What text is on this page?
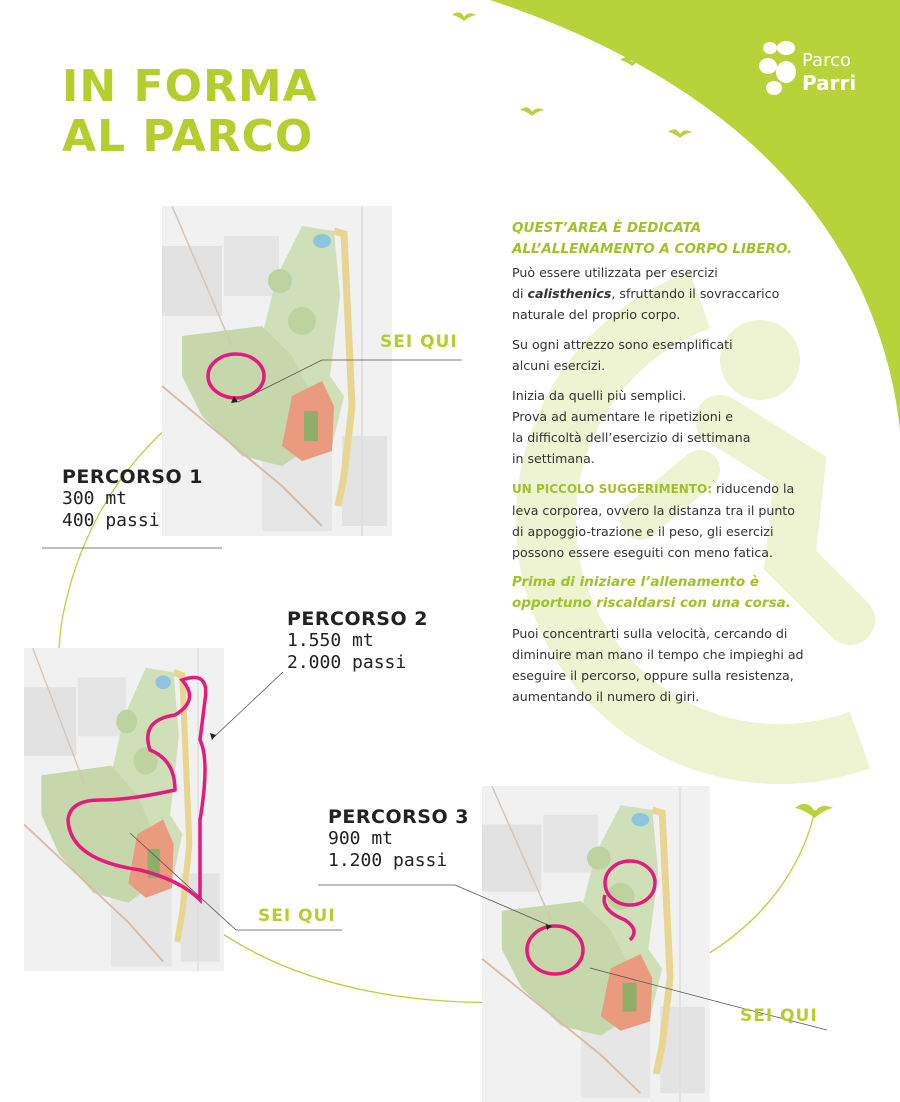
IN FORMA
AL PARCO
Parco
Parri
PERCORSO 1
300 mt
400 passi
PERCORSO 2
1.550 mt
2.000 passi
PERCORSO 3
900 mt
1.200 passi
SEI QUI
SEI QUI
SEI QUI

QUEST’AREA È DEDICATA
ALL’ALLENAMENTO A CORPO LIBERO.

Può essere utilizzata per esercizi
di calisthenics, sfruttando il sovraccarico
naturale del proprio corpo.

Su ogni attrezzo sono esemplificati
alcuni esercizi.

Inizia da quelli più semplici.
Prova ad aumentare le ripetizioni e
la difficoltà dell’esercizio di settimana
in settimana.

UN PICCOLO SUGGERIMENTO: riducendo la
leva corporea, ovvero la distanza tra il punto
di appoggio-trazione e il peso, gli esercizi
possono essere eseguiti con meno fatica.

Prima di iniziare l’allenamento è
opportuno riscaldarsi con una corsa.

Puoi concentrarti sulla velocità, cercando di
diminuire man mano il tempo che impieghi ad
eseguire il percorso, oppure sulla resistenza,
aumentando il numero di giri.
